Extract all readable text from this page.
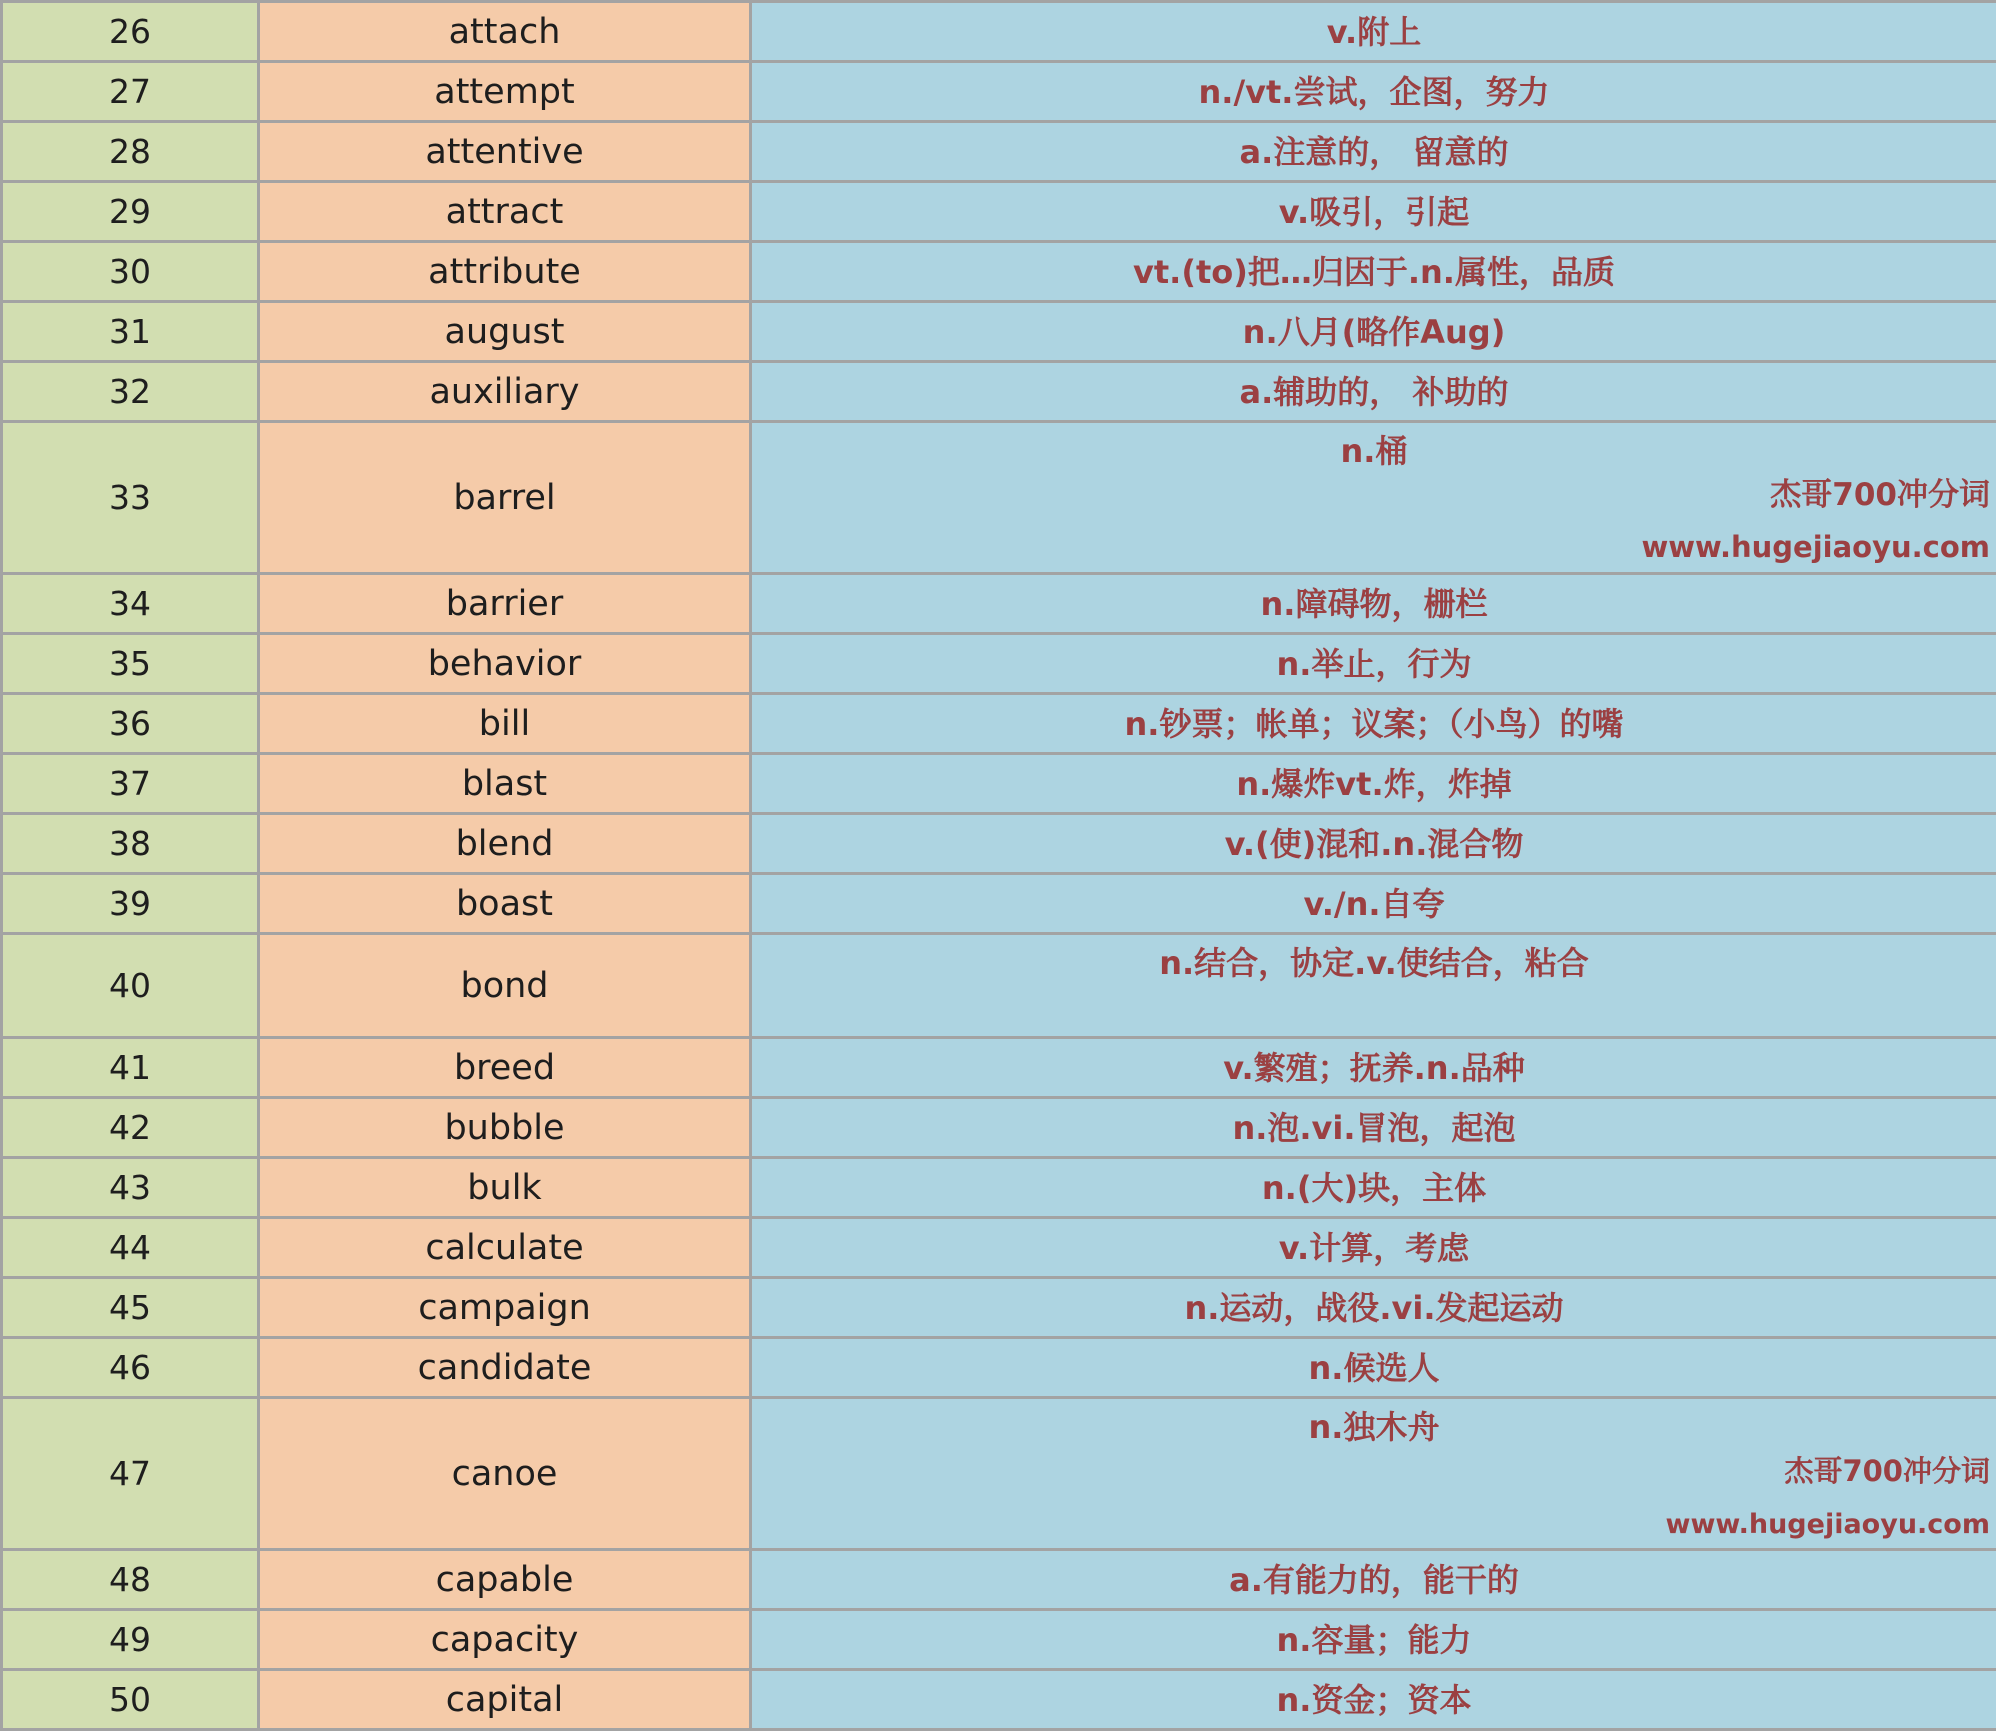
26	attach	v.附上

27	attempt	n./vt.尝试，企图，努力

28	attentive	a.注意的， 留意的

29	attract	v.吸引，引起

30	attribute	vt.(to)把…归因于.n.属性，品质

31	august	n.八月(略作Aug)

32	auxiliary	a.辅助的， 补助的

33	barrel	n.桶
杰哥700冲分词
www.hugejiaoyu.com

34	barrier	n.障碍物，栅栏

35	behavior	n.举止，行为

36	bill	n.钞票；帐单；议案；（小鸟）的嘴

37	blast	n.爆炸vt.炸，炸掉

38	blend	v.(使)混和.n.混合物

39	boast	v./n.自夸

40	bond	n.结合，协定.v.使结合，粘合

41	breed	v.繁殖；抚养.n.品种

42	bubble	n.泡.vi.冒泡，起泡

43	bulk	n.(大)块，主体

44	calculate	v.计算，考虑

45	campaign	n.运动，战役.vi.发起运动

46	candidate	n.候选人

47	canoe	n.独木舟
杰哥700冲分词
www.hugejiaoyu.com

48	capable	a.有能力的，能干的

49	capacity	n.容量；能力

50	capital	n.资金；资本
